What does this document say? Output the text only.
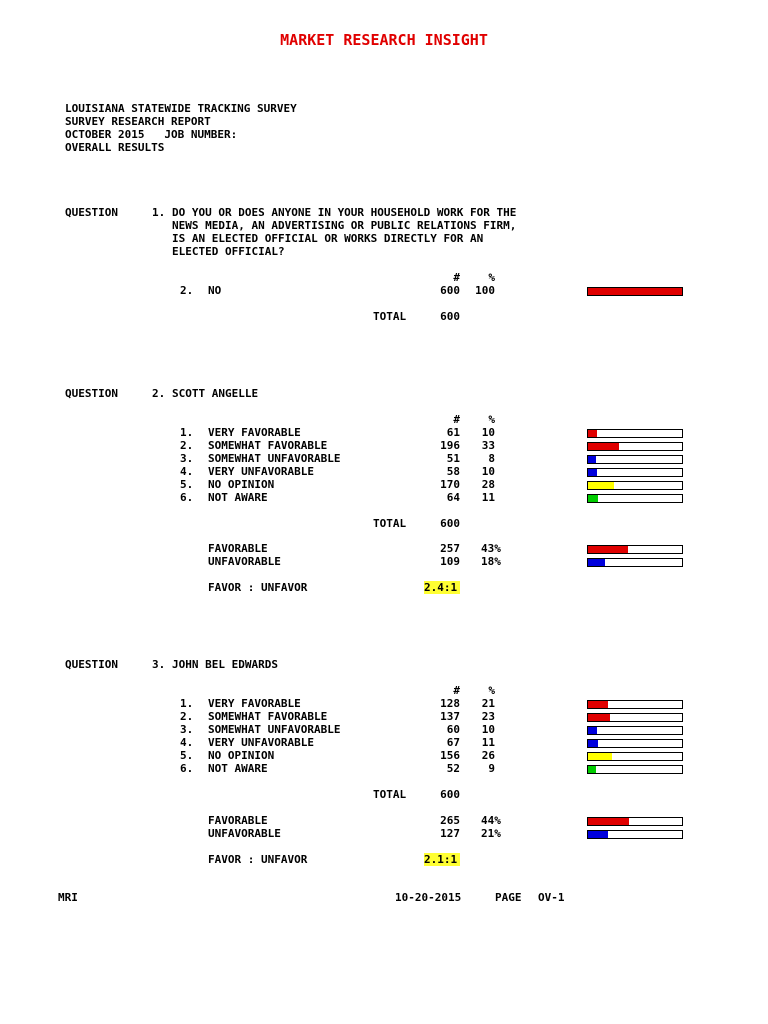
MARKET RESEARCH INSIGHT
LOUISIANA STATEWIDE TRACKING SURVEY
SURVEY RESEARCH REPORT
OCTOBER 2015   JOB NUMBER:
OVERALL RESULTS
QUESTION	1. DO YOU OR DOES ANYONE IN YOUR HOUSEHOLD WORK FOR THE
NEWS MEDIA, AN ADVERTISING OR PUBLIC RELATIONS FIRM,
IS AN ELECTED OFFICIAL OR WORKS DIRECTLY FOR AN
ELECTED OFFICIAL?
#	%
2. NO	600	100
TOTAL	600
QUESTION	2. SCOTT ANGELLE
#	%
1. VERY FAVORABLE	61	10
2. SOMEWHAT FAVORABLE	196	33
3. SOMEWHAT UNFAVORABLE	51	8
4. VERY UNFAVORABLE	58	10
5. NO OPINION	170	28
6. NOT AWARE	64	11
TOTAL	600
FAVORABLE	257 43%
UNFAVORABLE	109 18%
FAVOR : UNFAVOR	2.4:1
QUESTION	3. JOHN BEL EDWARDS
#	%
1. VERY FAVORABLE	128	21
2. SOMEWHAT FAVORABLE	137	23
3. SOMEWHAT UNFAVORABLE	60	10
4. VERY UNFAVORABLE	67	11
5. NO OPINION	156	26
6. NOT AWARE	52	9
TOTAL	600
FAVORABLE	265 44%
UNFAVORABLE	127 21%
FAVOR : UNFAVOR	2.1:1
MRI	10-20-2015	PAGE OV-1
